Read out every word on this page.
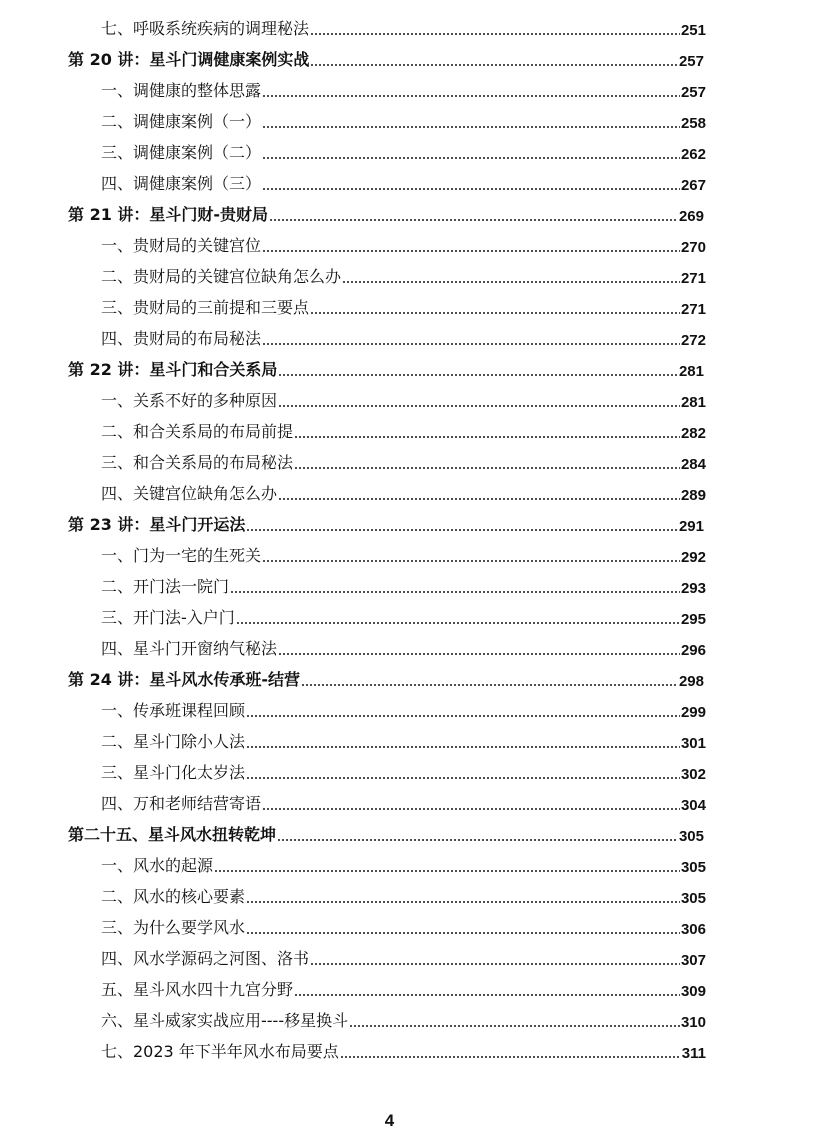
七、呼吸系统疾病的调理秘法	251
第 20 讲：星斗门调健康案例实战	257
一、调健康的整体思露	257
二、调健康案例（一）	258
三、调健康案例（二）	262
四、调健康案例（三）	267
第 21 讲：星斗门财-贵财局	269
一、贵财局的关键宫位	270
二、贵财局的关键宫位缺角怎么办	271
三、贵财局的三前提和三要点	271
四、贵财局的布局秘法	272
第 22 讲：星斗门和合关系局	281
一、关系不好的多种原因	281
二、和合关系局的布局前提	282
三、和合关系局的布局秘法	284
四、关键宫位缺角怎么办	289
第 23 讲：星斗门开运法	291
一、门为一宅的生死关	292
二、开门法一院门	293
三、开门法-入户门	295
四、星斗门开窗纳气秘法	296
第 24 讲：星斗风水传承班-结营	298
一、传承班课程回顾	299
二、星斗门除小人法	301
三、星斗门化太岁法	302
四、万和老师结营寄语	304
第二十五、星斗风水扭转乾坤	305
一、风水的起源	305
二、风水的核心要素	305
三、为什么要学风水	306
四、风水学源码之河图、洛书	307
五、星斗风水四十九宫分野	309
六、星斗威家实战应用----移星换斗	310
七、2023 年下半年风水布局要点	311
4
